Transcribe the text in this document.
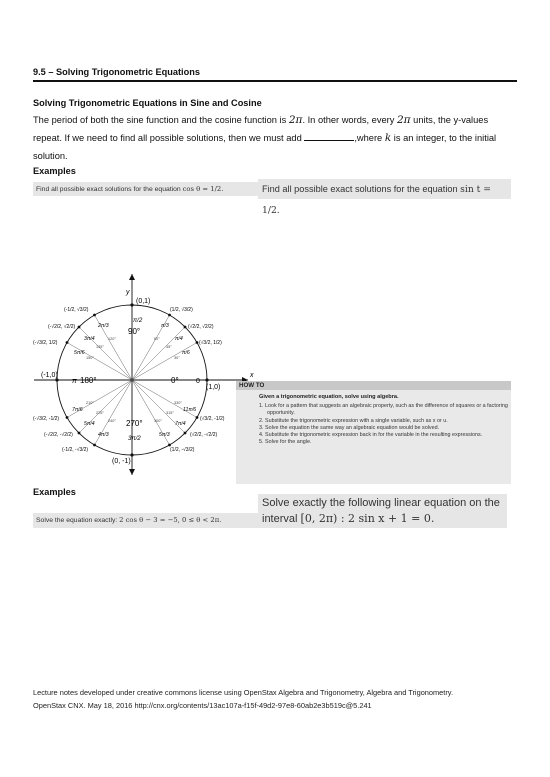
9.5 – Solving Trigonometric Equations
Solving Trigonometric Equations in Sine and Cosine
The period of both the sine function and the cosine function is 2π. In other words, every 2π units, the y-values repeat. If we need to find all possible solutions, then we must add	,where k is an integer, to the initial solution.
Examples
Find all possible exact solutions for the equation cos θ = 1/2.	Find all possible exact solutions for the equation sin t = 1/2.
y
x
(0,1)
(0, -1)
(-1,0)
(1,0)
90°
180°
270°
0°
π	0
π/2
3π/2
(1/2, √3/2)
(√2/2, √2/2)
(√3/2, 1/2)
(-1/2, √3/2)
(-√2/2, √2/2)
(-√3/2, 1/2)
(-√3/2, -1/2)
(-√2/2, -√2/2)
(-1/2, -√3/2)
(√3/2, -1/2)
(√2/2, -√2/2)
(1/2, -√3/2)
π/3
π/4
π/6
2π/3
3π/4
5π/6
7π/6
5π/4
4π/3
11π/6
7π/4
5π/3
30°
45°
60°
120°
135°
150°
210°
225°
240°	300°
315°
330°
HOW TO
Given a trigonometric equation, solve using algebra.
1. Look for a pattern that suggests an algebraic property, such as the difference of squares or a factoring opportunity.
2. Substitute the trigonometric expression with a single variable, such as x or u.
3. Solve the equation the same way an algebraic equation would be solved.
4. Substitute the trigonometric expression back in for the variable in the resulting expressions.
5. Solve for the angle.
Examples
Solve the equation exactly: 2 cos θ − 3 = −5, 0 ≤ θ < 2π.
Solve exactly the following linear equation on the
interval [0, 2π) : 2 sin x + 1 = 0.
Lecture notes developed under creative commons license using OpenStax Algebra and Trigonometry, Algebra and Trigonometry.
OpenStax CNX. May 18, 2016 http://cnx.org/contents/13ac107a-f15f-49d2-97e8-60ab2e3b519c@5.241
